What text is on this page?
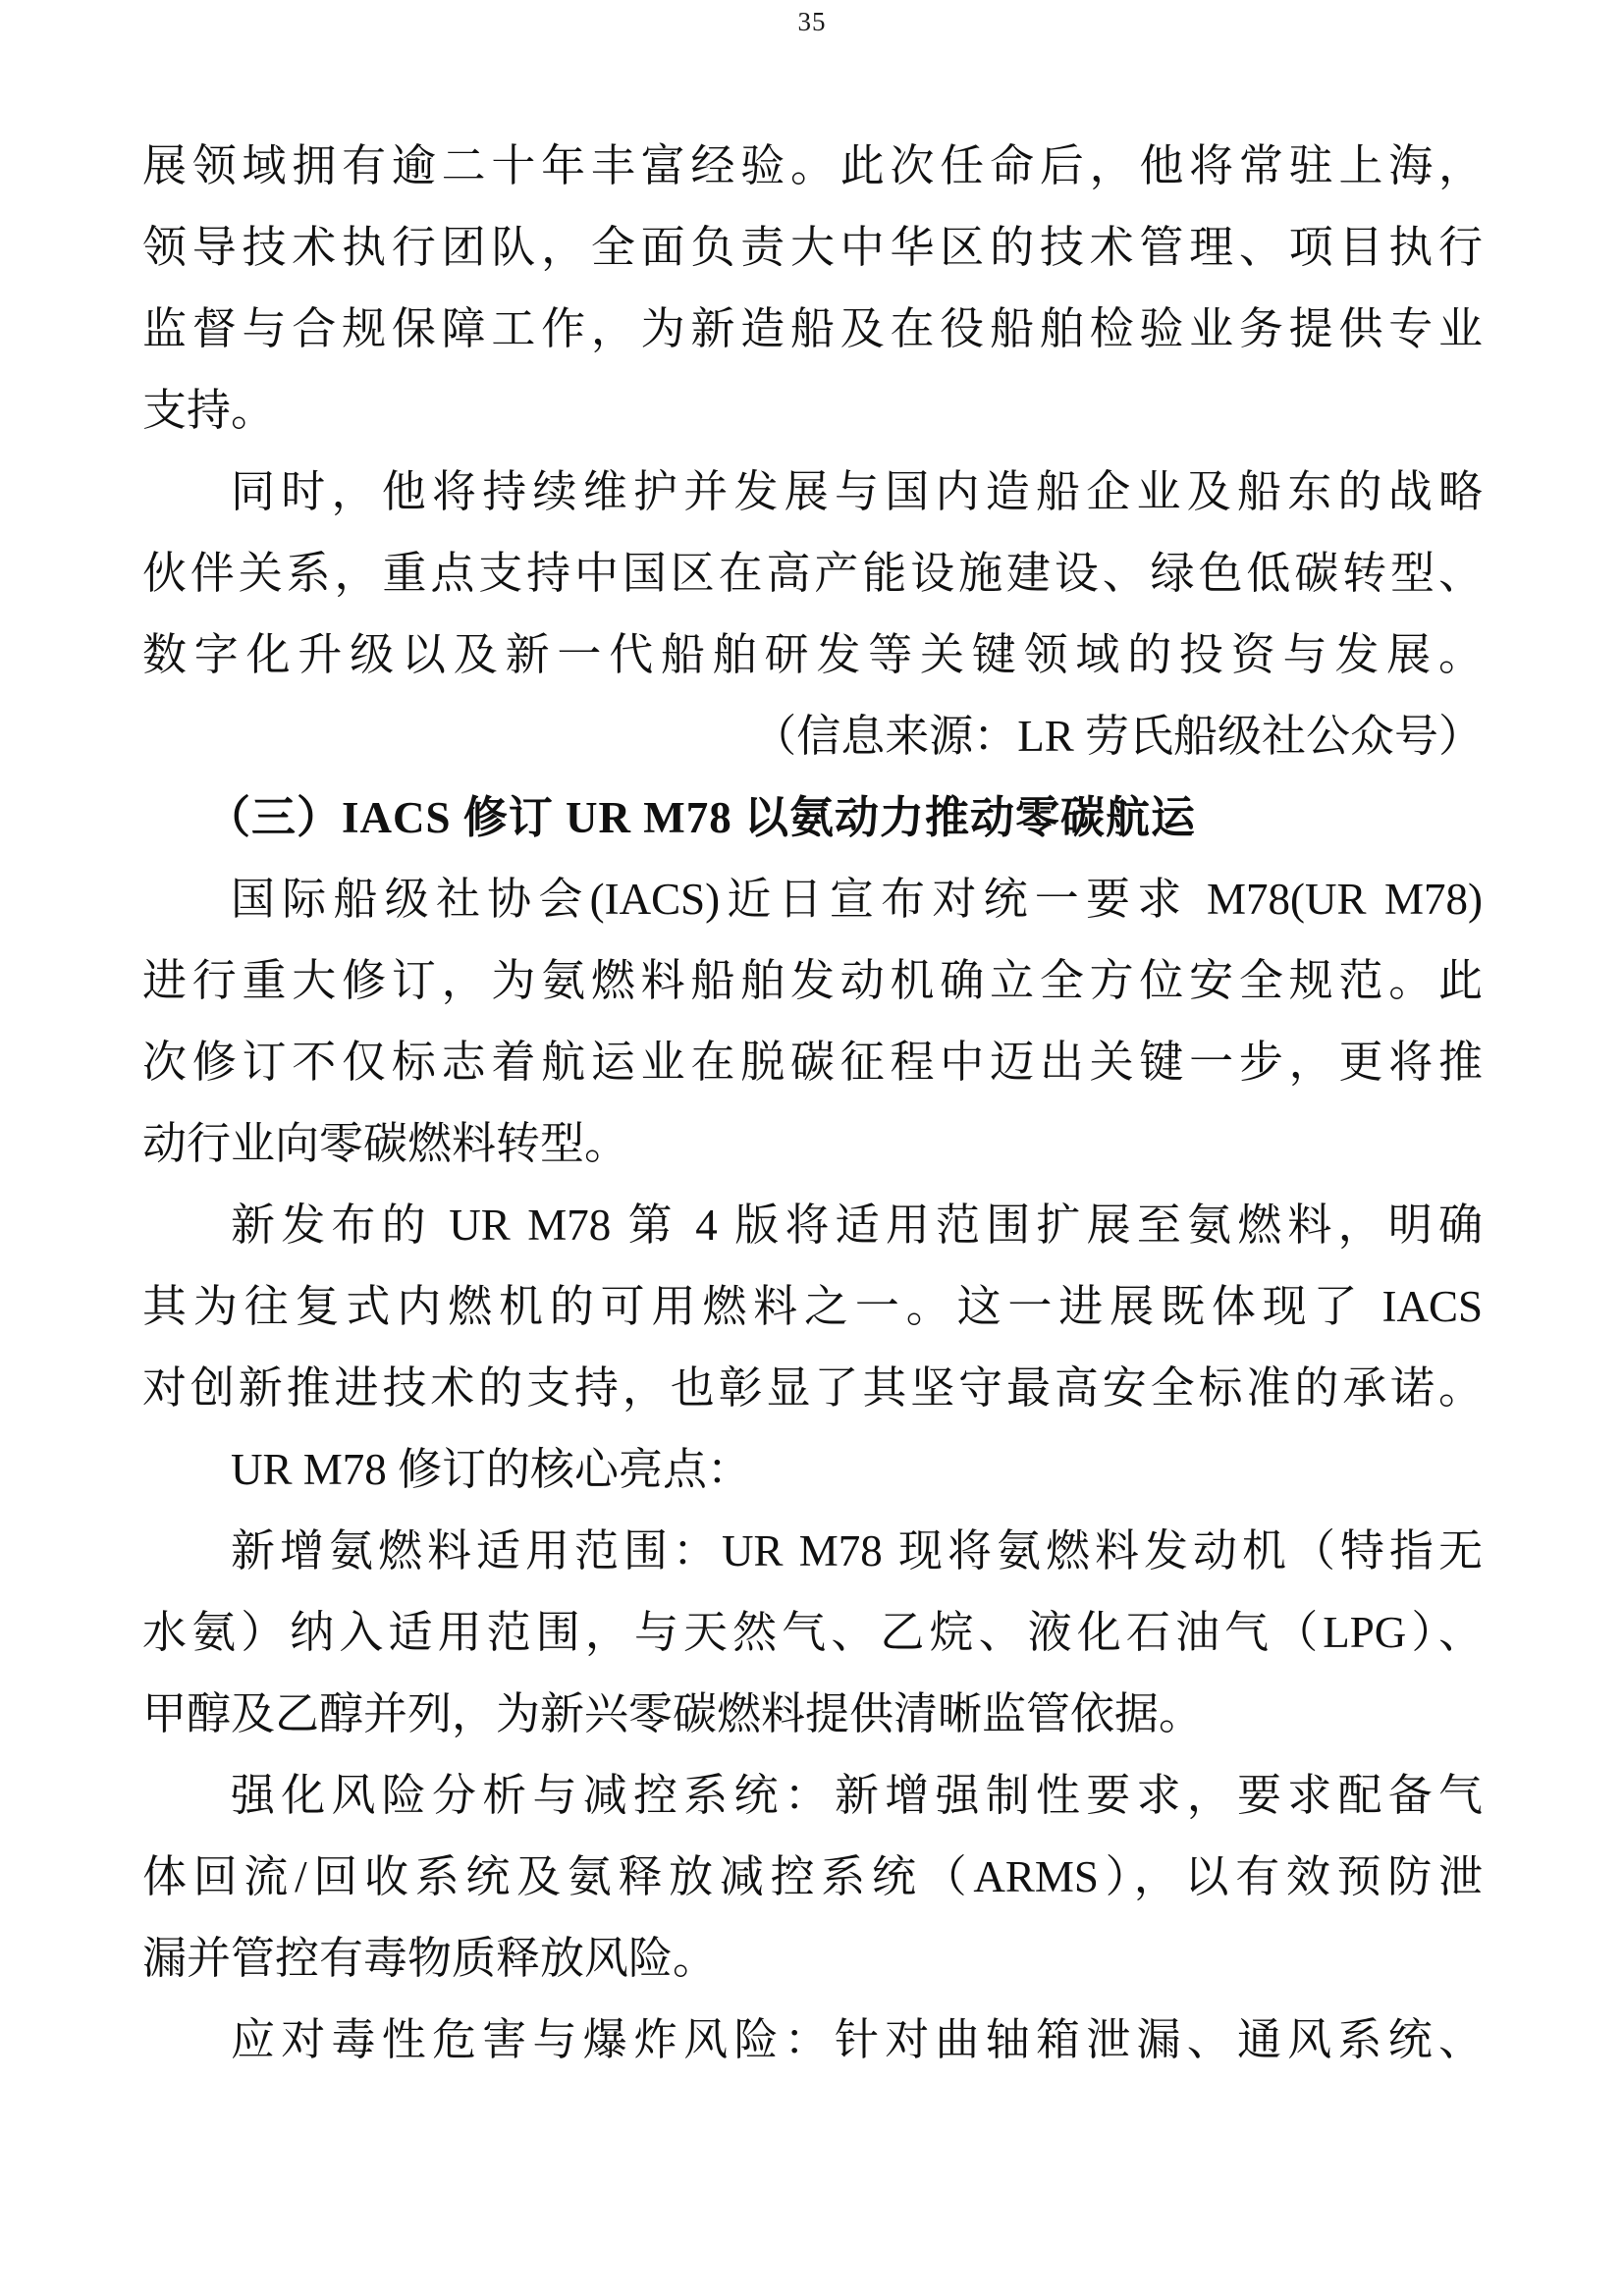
35
展领域拥有逾二十年丰富经验。此次任命后，他将常驻上海，
领导技术执行团队，全面负责大中华区的技术管理、项目执行
监督与合规保障工作，为新造船及在役船舶检验业务提供专业
支持。
同时，他将持续维护并发展与国内造船企业及船东的战略
伙伴关系，重点支持中国区在高产能设施建设、绿色低碳转型、
数字化升级以及新一代船舶研发等关键领域的投资与发展。
（信息来源：LR 劳氏船级社公众号）
（三）IACS 修订 UR M78 以氨动力推动零碳航运
国际船级社协会(IACS)近日宣布对统一要求 M78(UR M78)
进行重大修订，为氨燃料船舶发动机确立全方位安全规范。此
次修订不仅标志着航运业在脱碳征程中迈出关键一步，更将推
动行业向零碳燃料转型。
新发布的 UR M78 第 4 版将适用范围扩展至氨燃料，明确
其为往复式内燃机的可用燃料之一。这一进展既体现了 IACS
对创新推进技术的支持，也彰显了其坚守最高安全标准的承诺。
UR M78 修订的核心亮点：
新增氨燃料适用范围：UR M78 现将氨燃料发动机（特指无
水氨）纳入适用范围，与天然气、乙烷、液化石油气（LPG）、
甲醇及乙醇并列，为新兴零碳燃料提供清晰监管依据。
强化风险分析与减控系统：新增强制性要求，要求配备气
体回流/回收系统及氨释放减控系统（ARMS），以有效预防泄
漏并管控有毒物质释放风险。
应对毒性危害与爆炸风险：针对曲轴箱泄漏、通风系统、
